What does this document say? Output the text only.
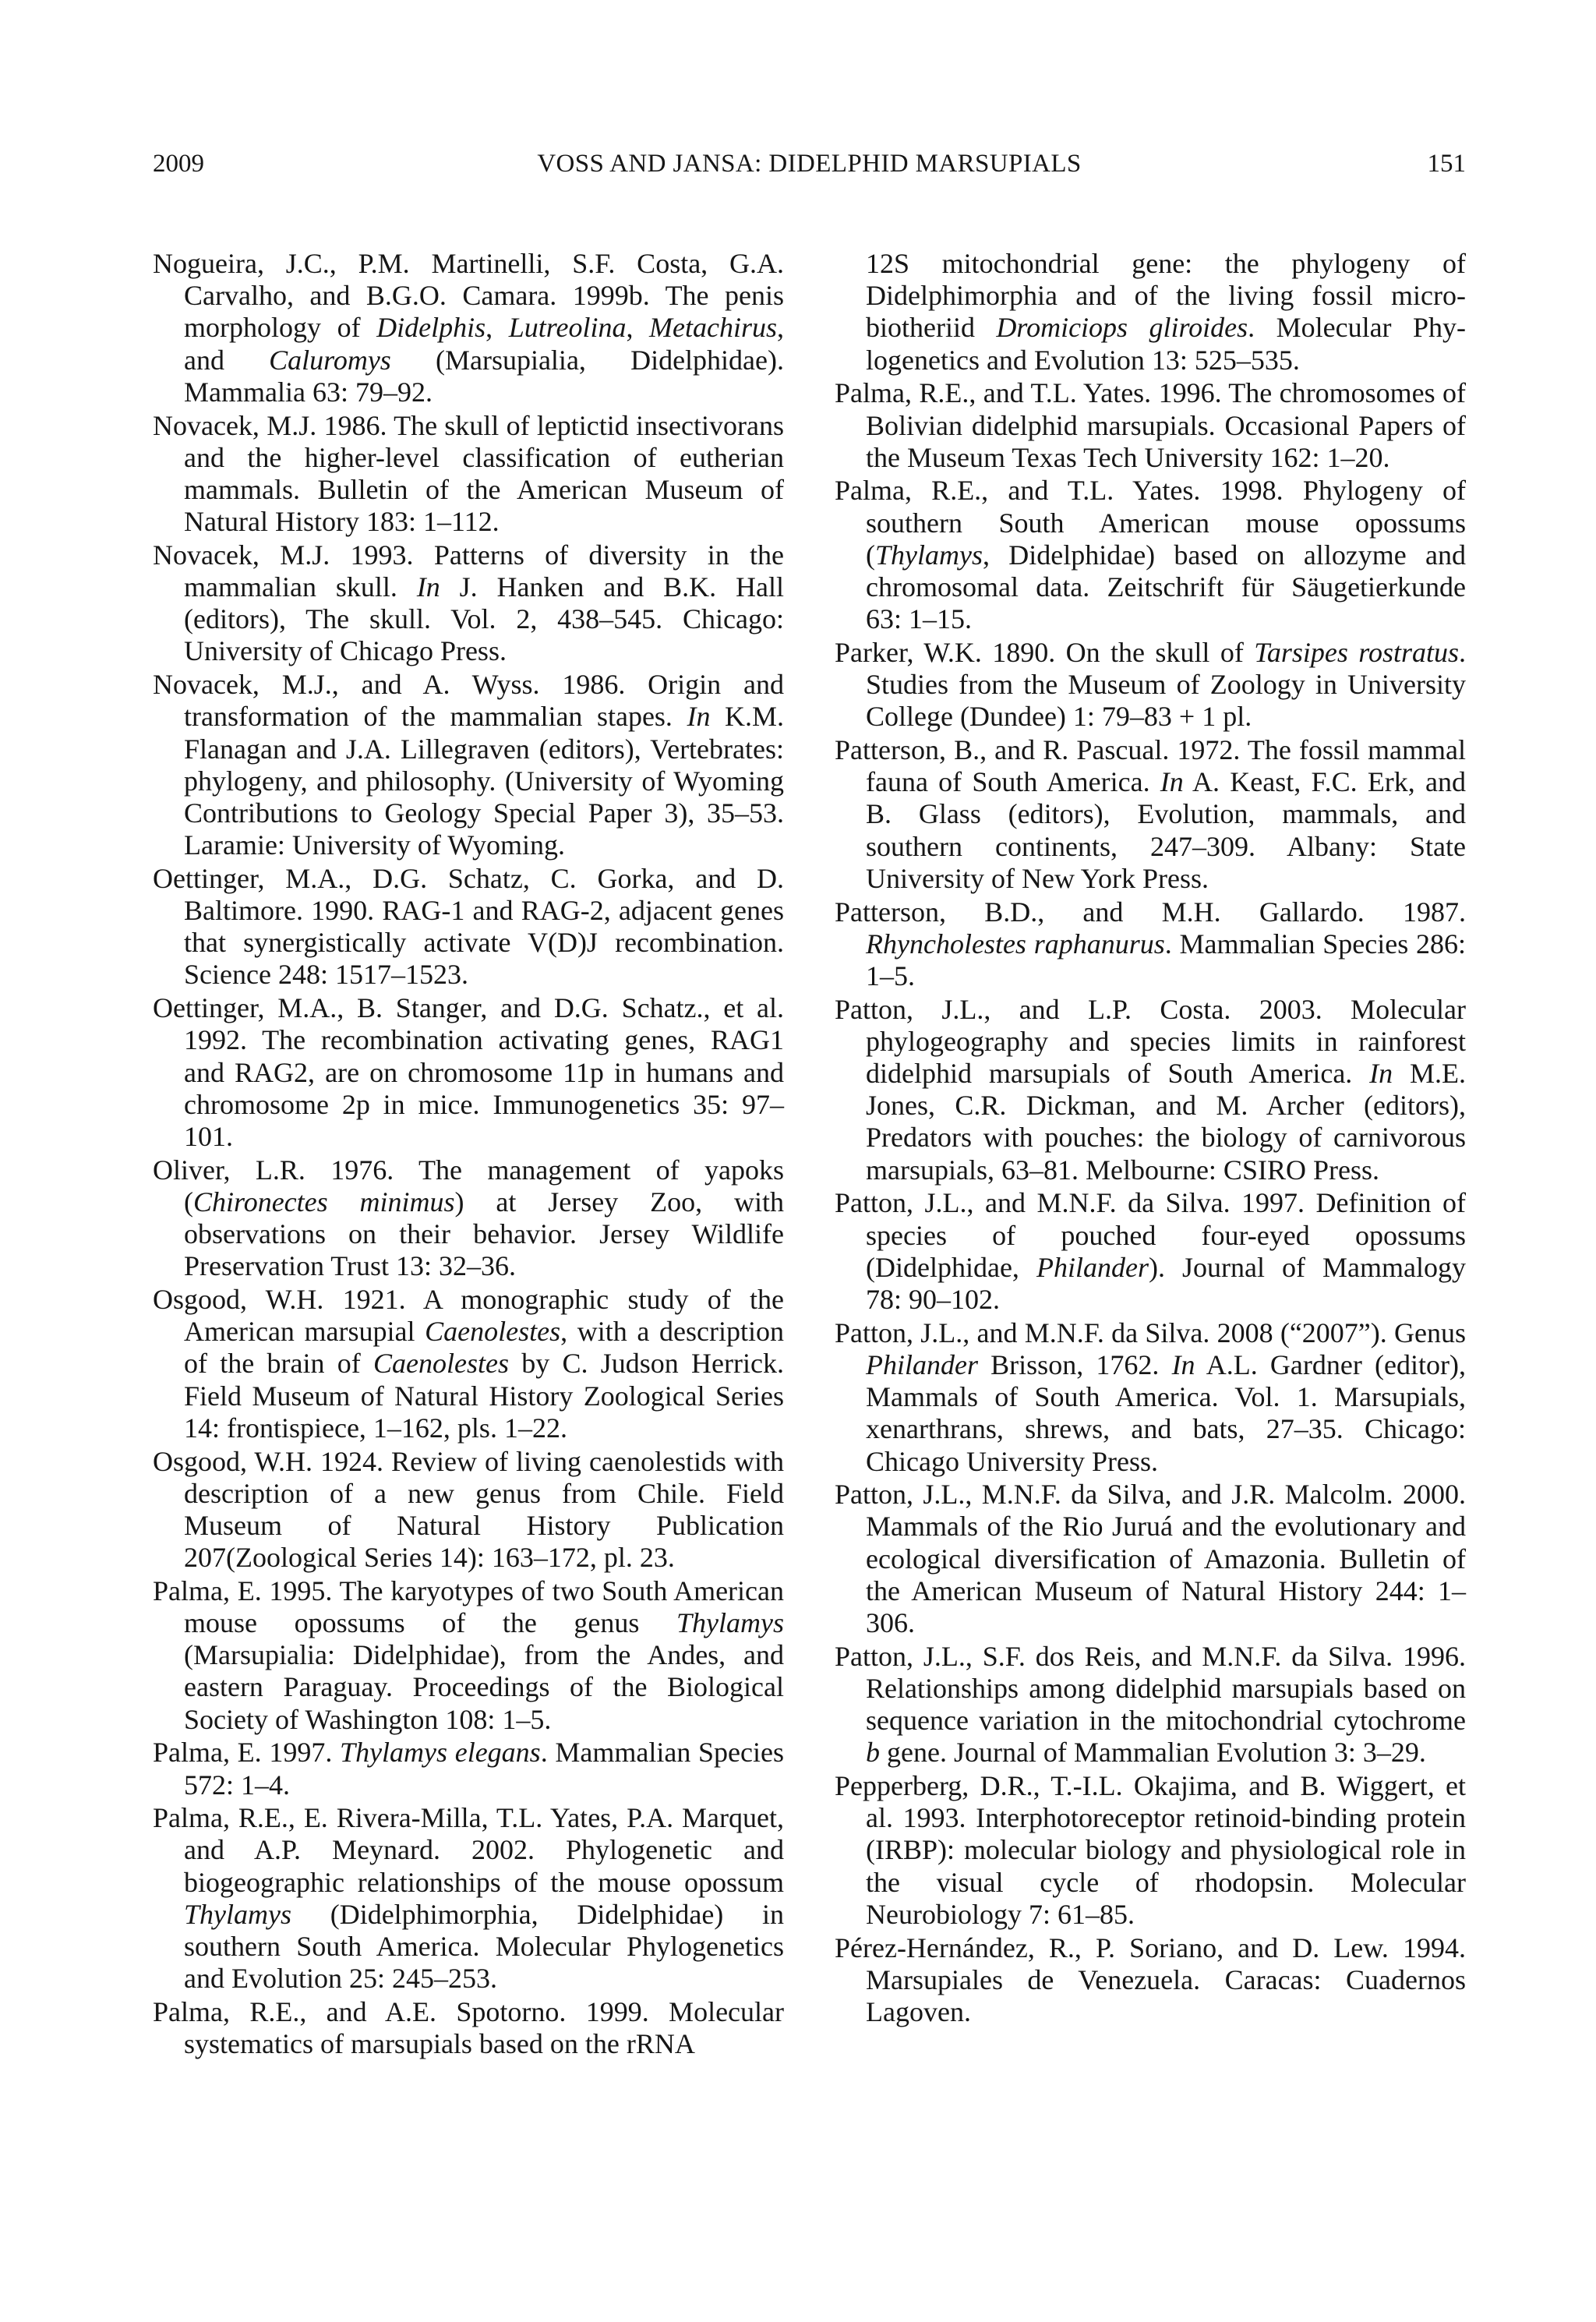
2009	VOSS AND JANSA: DIDELPHID MARSUPIALS	151

Nogueira, J.C., P.M. Martinelli, S.F. Costa, G.A. Carvalho, and B.G.O. Camara. 1999b. The penis morphology of Didelphis, Lutreolina, Metachirus, and Caluromys (Marsupialia, Didelphidae). Mammalia 63: 79–92.

Novacek, M.J. 1986. The skull of leptictid insectivorans and the higher-level classification of eutherian mammals. Bulletin of the American Museum of Natural History 183: 1–112.

Novacek, M.J. 1993. Patterns of diversity in the mammalian skull. In J. Hanken and B.K. Hall (editors), The skull. Vol. 2, 438–545. Chicago: University of Chicago Press.

Novacek, M.J., and A. Wyss. 1986. Origin and transformation of the mammalian stapes. In K.M. Flanagan and J.A. Lillegraven (editors), Vertebrates: phylogeny, and philosophy. (University of Wyoming Contributions to Geology Special Paper 3), 35–53. Laramie: University of Wyoming.

Oettinger, M.A., D.G. Schatz, C. Gorka, and D. Baltimore. 1990. RAG-1 and RAG-2, adjacent genes that synergistically activate V(D)J recombination. Science 248: 1517–1523.

Oettinger, M.A., B. Stanger, and D.G. Schatz., et al. 1992. The recombination activating genes, RAG1 and RAG2, are on chromosome 11p in humans and chromosome 2p in mice. Immunogenetics 35: 97–101.

Oliver, L.R. 1976. The management of yapoks (Chironectes minimus) at Jersey Zoo, with observations on their behavior. Jersey Wildlife Preservation Trust 13: 32–36.

Osgood, W.H. 1921. A monographic study of the American marsupial Caenolestes, with a description of the brain of Caenolestes by C. Judson Herrick. Field Museum of Natural History Zoological Series 14: frontispiece, 1–162, pls. 1–22.

Osgood, W.H. 1924. Review of living caenolestids with description of a new genus from Chile. Field Museum of Natural History Publication 207(Zoological Series 14): 163–172, pl. 23.

Palma, E. 1995. The karyotypes of two South American mouse opossums of the genus Thylamys (Marsupialia: Didelphidae), from the Andes, and eastern Paraguay. Proceedings of the Biological Society of Washington 108: 1–5.

Palma, E. 1997. Thylamys elegans. Mammalian Species 572: 1–4.

Palma, R.E., E. Rivera-Milla, T.L. Yates, P.A. Marquet, and A.P. Meynard. 2002. Phylogenetic and biogeographic relationships of the mouse opossum Thylamys (Didelphimorphia, Didelphidae) in southern South America. Molecular Phylogenetics and Evolution 25: 245–253.

Palma, R.E., and A.E. Spotorno. 1999. Molecular systematics of marsupials based on the rRNA

12S mitochondrial gene: the phylogeny of Didelphimorphia and of the living fossil microbiotheriid Dromiciops gliroides. Molecular Phylogenetics and Evolution 13: 525–535.

Palma, R.E., and T.L. Yates. 1996. The chromosomes of Bolivian didelphid marsupials. Occasional Papers of the Museum Texas Tech University 162: 1–20.

Palma, R.E., and T.L. Yates. 1998. Phylogeny of southern South American mouse opossums (Thylamys, Didelphidae) based on allozyme and chromosomal data. Zeitschrift für Säugetierkunde 63: 1–15.

Parker, W.K. 1890. On the skull of Tarsipes rostratus. Studies from the Museum of Zoology in University College (Dundee) 1: 79–83 + 1 pl.

Patterson, B., and R. Pascual. 1972. The fossil mammal fauna of South America. In A. Keast, F.C. Erk, and B. Glass (editors), Evolution, mammals, and southern continents, 247–309. Albany: State University of New York Press.

Patterson, B.D., and M.H. Gallardo. 1987. Rhyncholestes raphanurus. Mammalian Species 286: 1–5.

Patton, J.L., and L.P. Costa. 2003. Molecular phylogeography and species limits in rainforest didelphid marsupials of South America. In M.E. Jones, C.R. Dickman, and M. Archer (editors), Predators with pouches: the biology of carnivorous marsupials, 63–81. Melbourne: CSIRO Press.

Patton, J.L., and M.N.F. da Silva. 1997. Definition of species of pouched four-eyed opossums (Didelphidae, Philander). Journal of Mammalogy 78: 90–102.

Patton, J.L., and M.N.F. da Silva. 2008 (“2007”). Genus Philander Brisson, 1762. In A.L. Gardner (editor), Mammals of South America. Vol. 1. Marsupials, xenarthrans, shrews, and bats, 27–35. Chicago: Chicago University Press.

Patton, J.L., M.N.F. da Silva, and J.R. Malcolm. 2000. Mammals of the Rio Juruá and the evolutionary and ecological diversification of Amazonia. Bulletin of the American Museum of Natural History 244: 1–306.

Patton, J.L., S.F. dos Reis, and M.N.F. da Silva. 1996. Relationships among didelphid marsupials based on sequence variation in the mitochondrial cytochrome b gene. Journal of Mammalian Evolution 3: 3–29.

Pepperberg, D.R., T.-I.L. Okajima, and B. Wiggert, et al. 1993. Interphotoreceptor retinoid-binding protein (IRBP): molecular biology and physiological role in the visual cycle of rhodopsin. Molecular Neurobiology 7: 61–85.

Pérez-Hernández, R., P. Soriano, and D. Lew. 1994. Marsupiales de Venezuela. Caracas: Cuadernos Lagoven.
